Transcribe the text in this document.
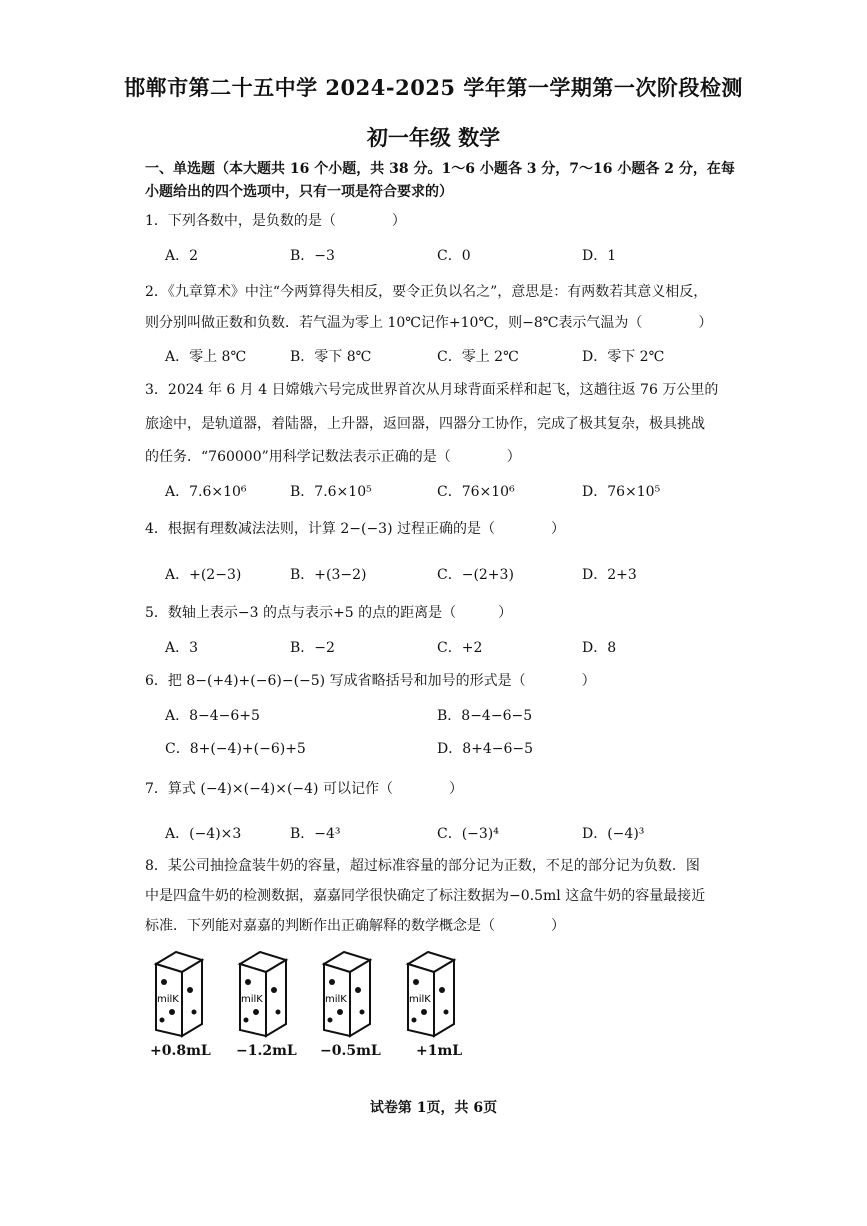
邯郸市第二十五中学 2024-2025 学年第一学期第一次阶段检测
初一年级 数学
一、单选题（本大题共 16 个小题，共 38 分。1～6 小题各 3 分，7～16 小题各 2 分，在每
小题给出的四个选项中，只有一项是符合要求的）
1．下列各数中，是负数的是（　　　　）
A．2	B．−3	C．0	D．1
2．《九章算术》中注“今两算得失相反，要令正负以名之”，意思是：有两数若其意义相反，
则分别叫做正数和负数．若气温为零上 10℃记作+10℃，则−8℃表示气温为（　　　　）
A．零上 8℃	B．零下 8℃	C．零上 2℃	D．零下 2℃
3．2024 年 6 月 4 日嫦娥六号完成世界首次从月球背面采样和起飞，这趟往返 76 万公里的
旅途中，是轨道器，着陆器，上升器，返回器，四器分工协作，完成了极其复杂，极具挑战
的任务．“760000”用科学记数法表示正确的是（　　　　）
A．7.6×10⁶	B．7.6×10⁵	C．76×10⁶	D．76×10⁵
4．根据有理数减法法则，计算 2−(−3) 过程正确的是（　　　　）
A．+(2−3)	B．+(3−2)	C．−(2+3)	D．2+3
5．数轴上表示−3 的点与表示+5 的点的距离是（　　　）
A．3	B．−2	C．+2	D．8
6．把 8−(+4)+(−6)−(−5) 写成省略括号和加号的形式是（　　　　）
A．8−4−6+5	B．8−4−6−5
C．8+(−4)+(−6)+5	D．8+4−6−5
7．算式 (−4)×(−4)×(−4) 可以记作（　　　　）
A．(−4)×3	B．−4³	C．(−3)⁴	D．(−4)³
8．某公司抽捡盒装牛奶的容量，超过标准容量的部分记为正数，不足的部分记为负数．图
中是四盒牛奶的检测数据，嘉嘉同学很快确定了标注数据为−0.5ml 这盒牛奶的容量最接近
标准．下列能对嘉嘉的判断作出正确解释的数学概念是（　　　　）
milK	milK	milK	milK
+0.8mL −1.2mL −0.5mL	+1mL
试卷第 1页，共 6页
